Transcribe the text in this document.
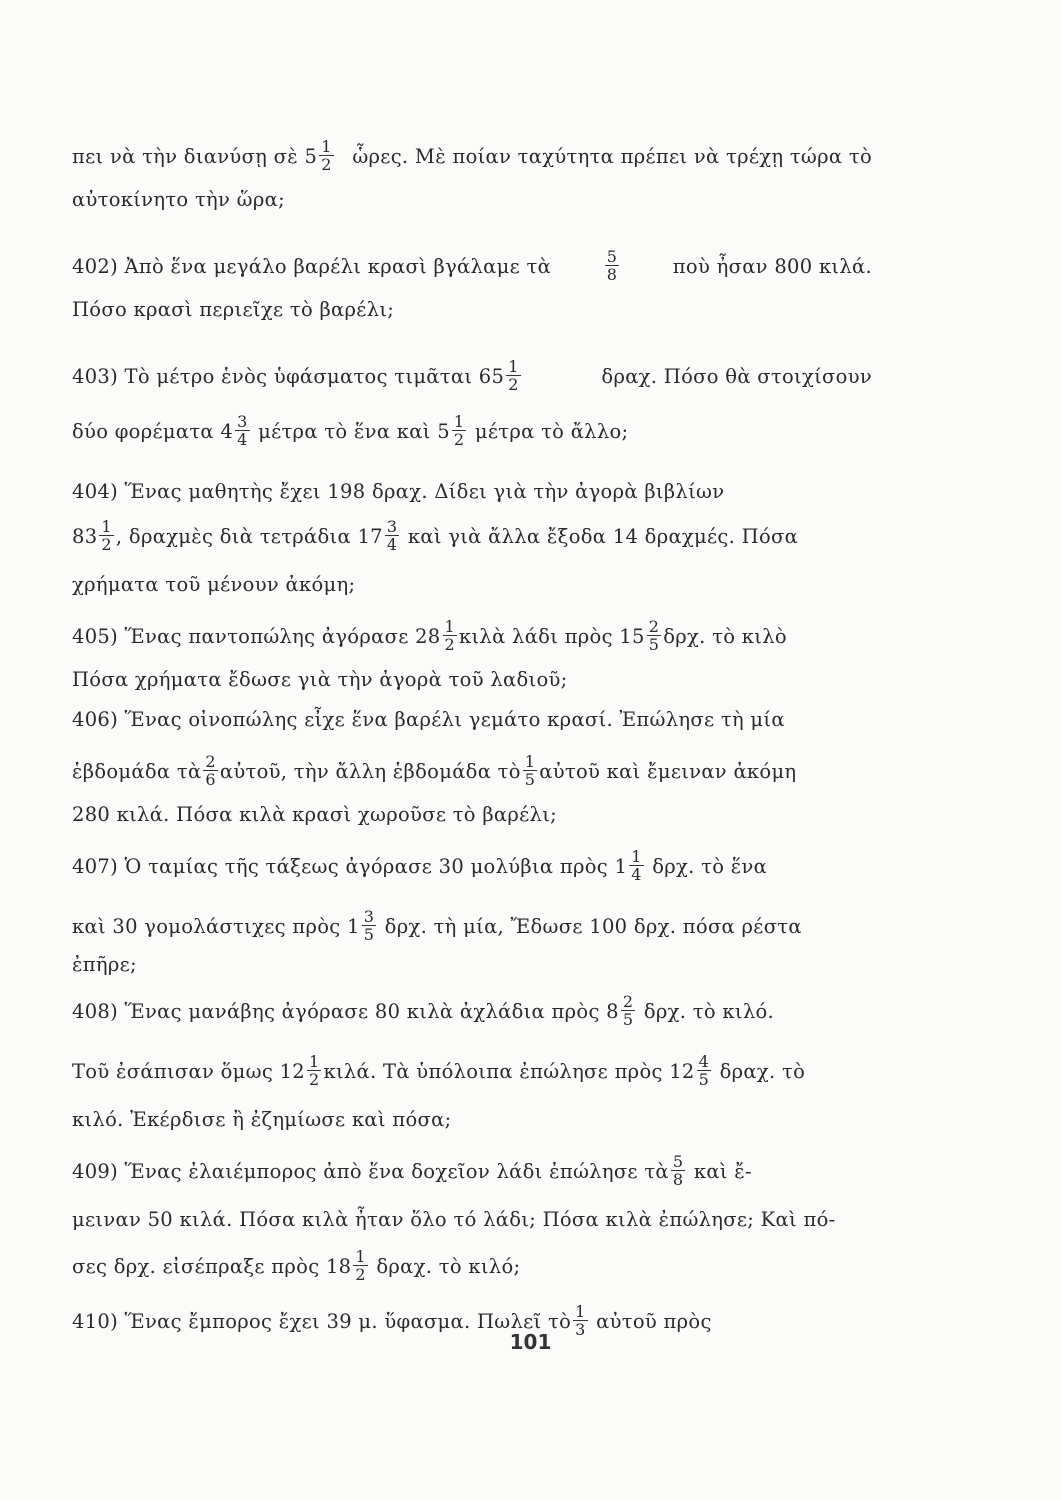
πει νὰ τὴν διανύσῃ σὲ $5 \frac{1}{2}$ ὧρες. Μὲ ποίαν ταχύτητα πρέπει νὰ τρέχῃ τώρα τὸ
αὐτοκίνητο τὴν ὥρα;
402) Ἀπὸ ἕνα μεγάλο βαρέλι κρασὶ βγάλαμε τὰ	$\frac{5}{8}$	ποὺ ἦσαν 800 κιλά.
Πόσο κρασὶ περιεῖχε τὸ βαρέλι;
403) Τὸ μέτρο ἑνὸς ὑφάσματος τιμᾶται $65 \frac{1}{2}$	δραχ. Πόσο θὰ στοιχίσουν
δύο φορέματα $4 \frac{3}{4}$ μέτρα τὸ ἕνα καὶ $5 \frac{1}{2}$ μέτρα τὸ ἄλλο;
404) Ἕνας μαθητὴς ἔχει 198 δραχ. Δίδει γιὰ τὴν ἀγορὰ βιβλίων
$83 \frac{1}{2}$ , δραχμὲς διὰ τετράδια $17 \frac{3}{4}$ καὶ γιὰ ἄλλα ἔξοδα 14 δραχμές. Πόσα
χρήματα τοῦ μένουν ἀκόμη;
405) Ἕνας παντοπώλης ἀγόρασε $28 \frac{1}{2}$ κιλὰ λάδι πρὸς $15 \frac{2}{5} \delta\rho\chi$. τὸ κιλὸ
Πόσα χρήματα ἔδωσε γιὰ τὴν ἀγορὰ τοῦ λαδιοῦ;
406) Ἕνας οἰνοπώλης εἶχε ἕνα βαρέλι γεμάτο κρασί. Ἐπώλησε τὴ μία
ἑβδομάδα τὰ $\frac{2}{6}$ αὐτοῦ, τὴν ἄλλη ἑβδομάδα τὸ $\frac{1}{5}$ αὐτοῦ καὶ ἔμειναν ἀκόμη
280 κιλά. Πόσα κιλὰ κρασὶ χωροῦσε τὸ βαρέλι;
407) Ὁ ταμίας τῆς τάξεως ἀγόρασε 30 μολύβια πρὸς $1 \frac{1}{4} \delta\rho\chi$. τὸ ἕνα
καὶ 30 γομολάστιχες πρὸς $1 \frac{3}{5} \delta\rho\chi$. τὴ μία, Ἔδωσε 100 δρχ. πόσα ρέστα
ἐπῆρε;
408) Ἕνας μανάβης ἀγόρασε 80 κιλὰ ἀχλάδια πρὸς $8 \frac{2}{5} \delta\rho\chi$. τὸ κιλό.
Τοῦ ἐσάπισαν ὅμως $12 \frac{1}{2} \kappa\iota\lambda ά$. Τὰ ὑπόλοιπα ἐπώλησε πρὸς $12 \frac{4}{5} \delta\rho\alpha\chi$. τὸ
κιλό. Ἐκέρδισε ἢ ἐζημίωσε καὶ πόσα;
409) Ἕνας ἐλαιέμπορος ἀπὸ ἕνα δοχεῖον λάδι ἐπώλησε τὰ $\frac{5}{8}$ καὶ ἔ-
μειναν 50 κιλά. Πόσα κιλὰ ἦταν ὅλο τό λάδι; Πόσα κιλὰ ἐπώλησε; Καὶ πό-
σες δρχ. εἰσέπραξε πρὸς $18 \frac{1}{2} \delta\rho\alpha\chi$. τὸ κιλό;
410) Ἕνας ἔμπορος ἔχει 39 μ. ὕφασμα. Πωλεῖ τὸ $\frac{1}{3}$ αὐτοῦ πρὸς
101
